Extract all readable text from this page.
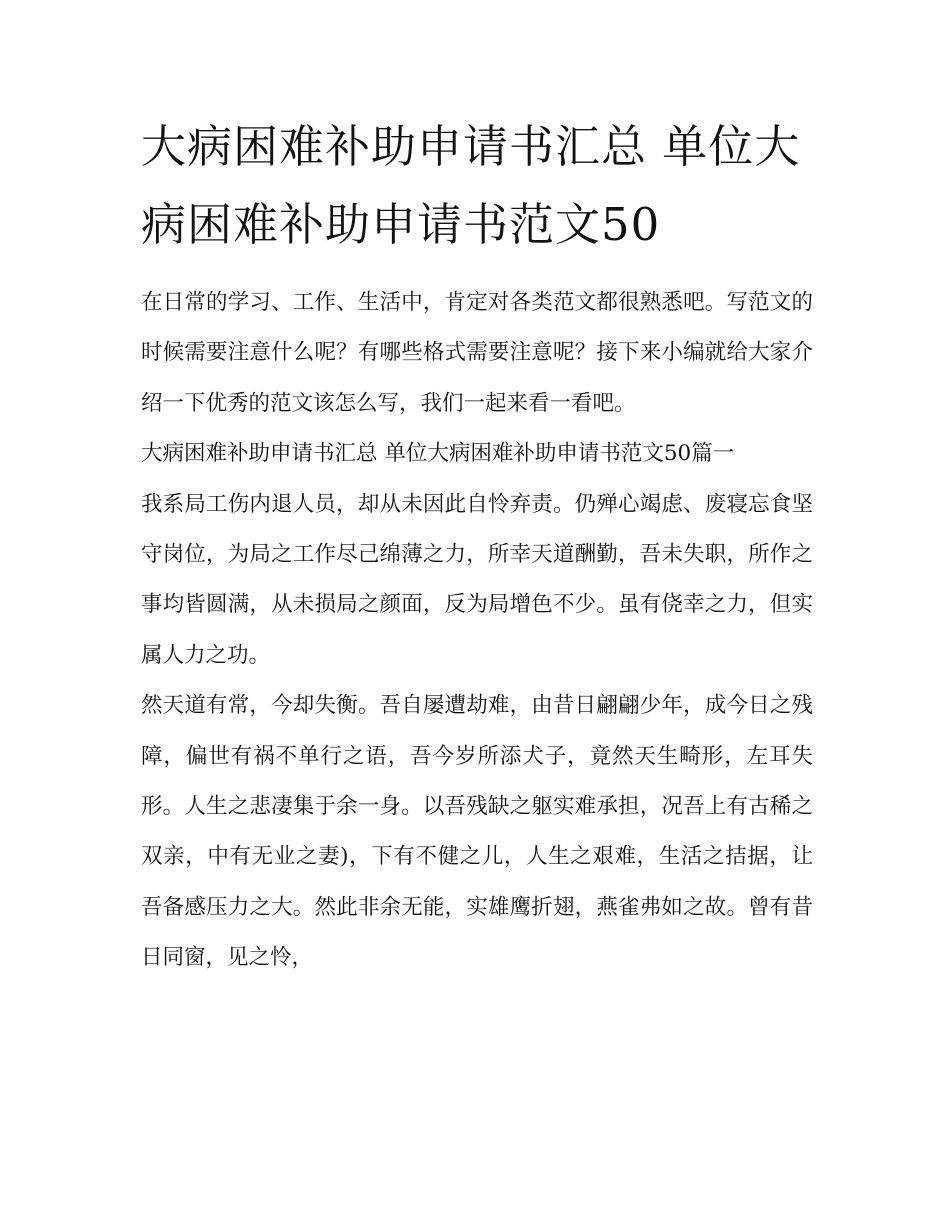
大病困难补助申请书汇总 单位大病困难补助申请书范文50

在日常的学习、工作、生活中，肯定对各类范文都很熟悉吧。写范文的时候需要注意什么呢？有哪些格式需要注意呢？接下来小编就给大家介绍一下优秀的范文该怎么写，我们一起来看一看吧。

大病困难补助申请书汇总 单位大病困难补助申请书范文50篇一

我系局工伤内退人员，却从未因此自怜弃责。仍殚心竭虑、废寝忘食坚守岗位，为局之工作尽己绵薄之力，所幸天道酬勤，吾未失职，所作之事均皆圆满，从未损局之颜面，反为局增色不少。虽有侥幸之力，但实属人力之功。

然天道有常，今却失衡。吾自屡遭劫难，由昔日翩翩少年，成今日之残障，偏世有祸不单行之语，吾今岁所添犬子，竟然天生畸形，左耳失形。人生之悲凄集于余一身。以吾残缺之躯实难承担，况吾上有古稀之双亲，中有无业之妻)，下有不健之儿，人生之艰难，生活之拮据，让吾备感压力之大。然此非余无能，实雄鹰折翅，燕雀弗如之故。曾有昔日同窗，见之怜，
